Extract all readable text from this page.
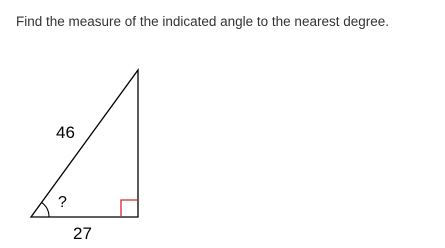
Find the measure of the indicated angle to the nearest degree.
46
?
27
